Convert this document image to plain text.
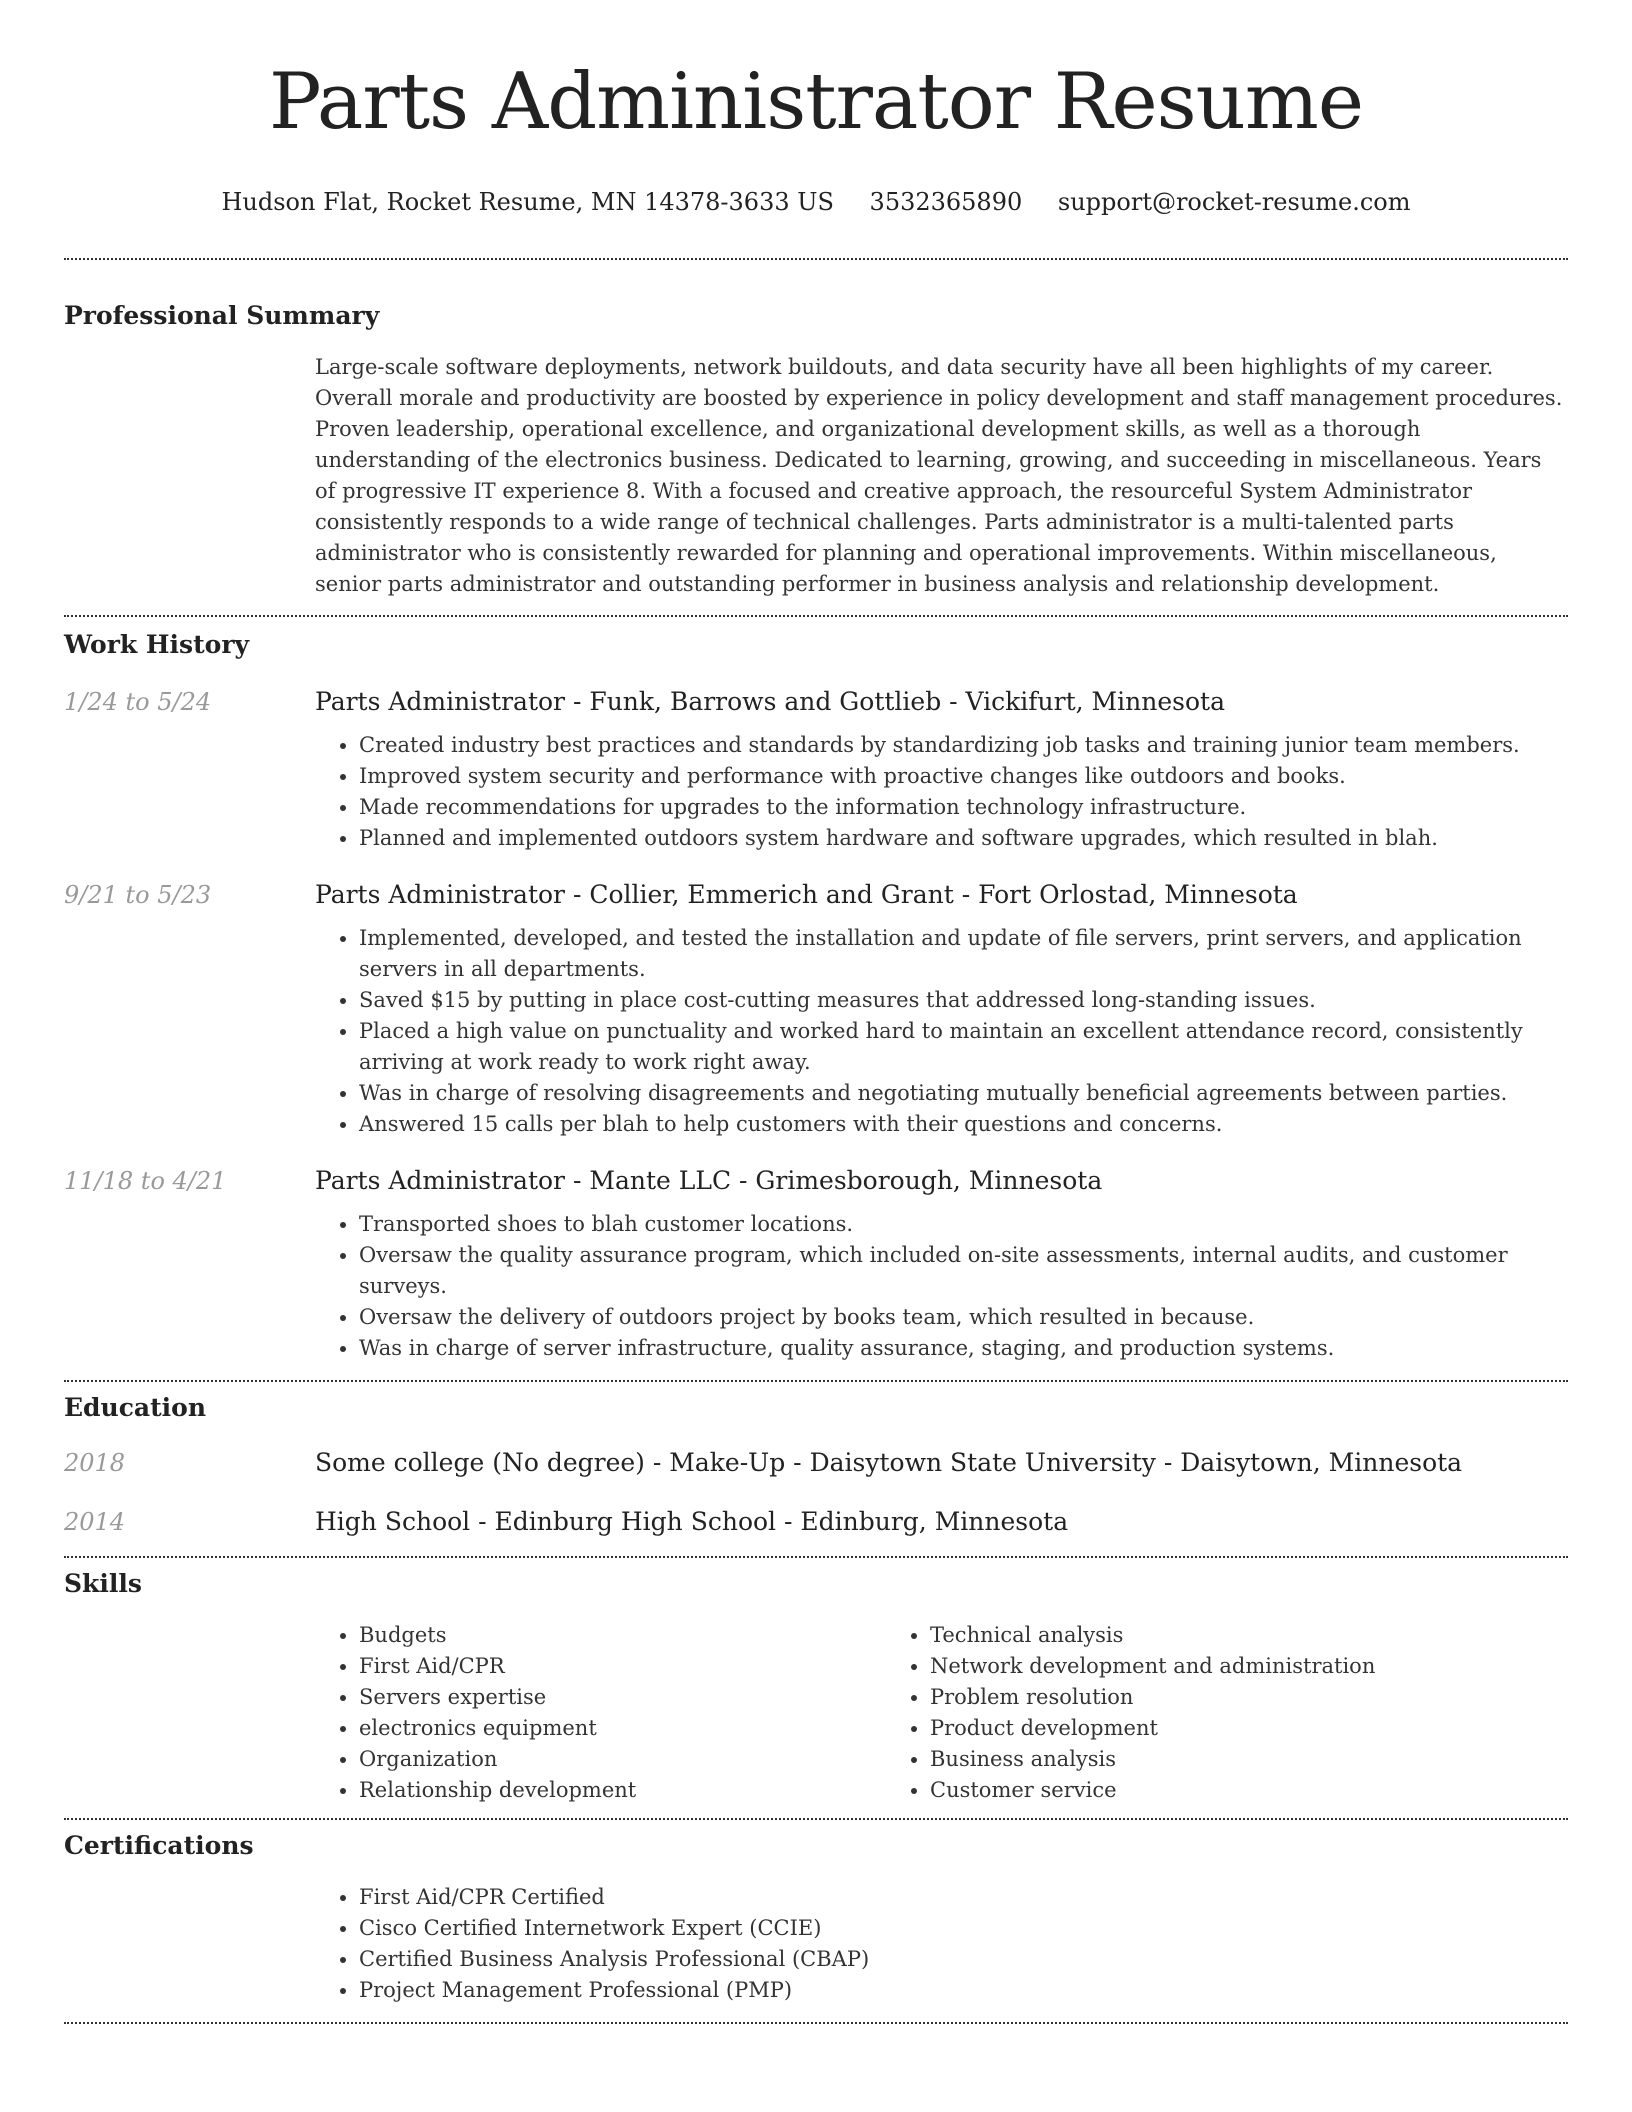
Parts Administrator Resume
Hudson Flat, Rocket Resume, MN 14378-3633 US 3532365890 support@rocket-resume.com
Professional Summary
Large-scale software deployments, network buildouts, and data security have all been highlights of my career. Overall morale and productivity are boosted by experience in policy development and staff management procedures. Proven leadership, operational excellence, and organizational development skills, as well as a thorough understanding of the electronics business. Dedicated to learning, growing, and succeeding in miscellaneous. Years of progressive IT experience 8. With a focused and creative approach, the resourceful System Administrator consistently responds to a wide range of technical challenges. Parts administrator is a multi-talented parts administrator who is consistently rewarded for planning and operational improvements. Within miscellaneous, senior parts administrator and outstanding performer in business analysis and relationship development.
Work History
1/24 to 5/24	Parts Administrator - Funk, Barrows and Gottlieb - Vickifurt, Minnesota
• Created industry best practices and standards by standardizing job tasks and training junior team members.
• Improved system security and performance with proactive changes like outdoors and books.
• Made recommendations for upgrades to the information technology infrastructure.
• Planned and implemented outdoors system hardware and software upgrades, which resulted in blah.
9/21 to 5/23	Parts Administrator - Collier, Emmerich and Grant - Fort Orlostad, Minnesota
• Implemented, developed, and tested the installation and update of file servers, print servers, and application servers in all departments.
• Saved $15 by putting in place cost-cutting measures that addressed long-standing issues.
• Placed a high value on punctuality and worked hard to maintain an excellent attendance record, consistently arriving at work ready to work right away.
• Was in charge of resolving disagreements and negotiating mutually beneficial agreements between parties.
• Answered 15 calls per blah to help customers with their questions and concerns.
11/18 to 4/21	Parts Administrator - Mante LLC - Grimesborough, Minnesota
• Transported shoes to blah customer locations.
• Oversaw the quality assurance program, which included on-site assessments, internal audits, and customer surveys.
• Oversaw the delivery of outdoors project by books team, which resulted in because.
• Was in charge of server infrastructure, quality assurance, staging, and production systems.
Education
2018	Some college (No degree) - Make-Up - Daisytown State University - Daisytown, Minnesota
2014	High School - Edinburg High School - Edinburg, Minnesota
Skills
• Budgets
• First Aid/CPR
• Servers expertise
• electronics equipment
• Organization
• Relationship development
• Technical analysis
• Network development and administration
• Problem resolution
• Product development
• Business analysis
• Customer service
Certifications
• First Aid/CPR Certified
• Cisco Certified Internetwork Expert (CCIE)
• Certified Business Analysis Professional (CBAP)
• Project Management Professional (PMP)
